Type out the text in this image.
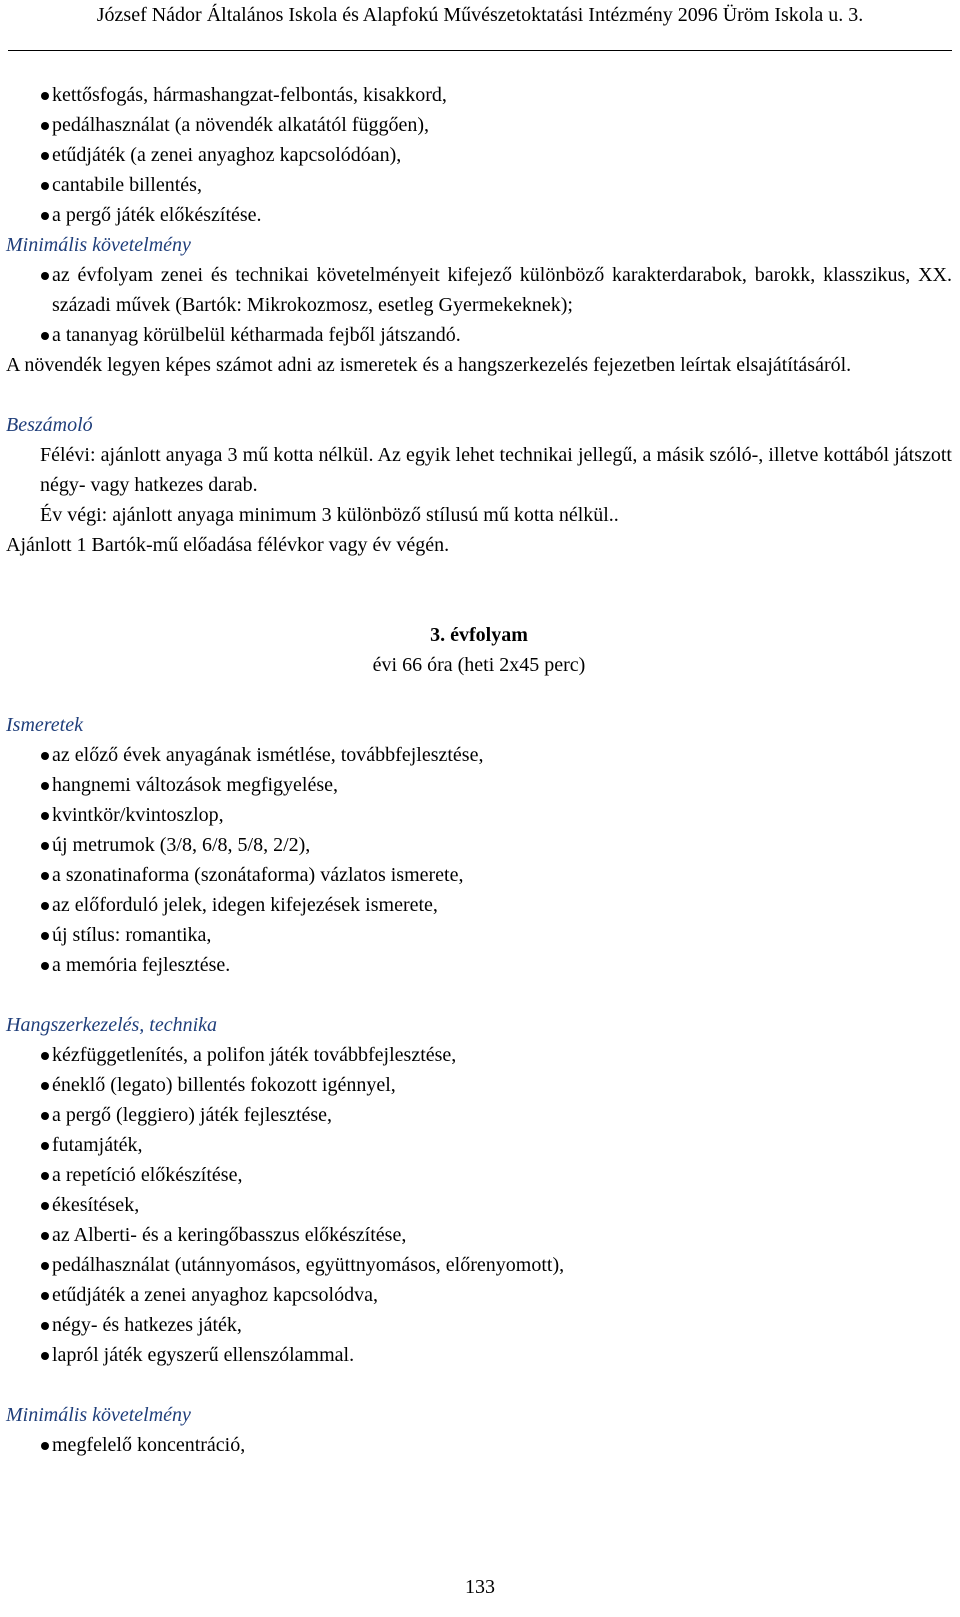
József Nádor Általános Iskola és Alapfokú Művészetoktatási Intézmény 2096 Üröm Iskola u. 3.
kettősfogás, hármashangzat-felbontás, kisakkord,
pedálhasználat (a növendék alkatától függően),
etűdjáték (a zenei anyaghoz kapcsolódóan),
cantabile billentés,
a pergő játék előkészítése.
Minimális követelmény
az évfolyam zenei és technikai követelményeit kifejező különböző karakterdarabok, barokk, klasszikus, XX. századi művek (Bartók: Mikrokozmosz, esetleg Gyermekeknek);
a tananyag körülbelül kétharmada fejből játszandó.
A növendék legyen képes számot adni az ismeretek és a hangszerkezelés fejezetben leírtak elsajátításáról.
Beszámoló
Félévi: ajánlott anyaga 3 mű kotta nélkül. Az egyik lehet technikai jellegű, a másik szóló-, illetve kottából játszott négy- vagy hatkezes darab.
Év végi: ajánlott anyaga minimum 3 különböző stílusú mű kotta nélkül..
Ajánlott 1 Bartók-mű előadása félévkor vagy év végén.
3. évfolyam
évi 66 óra (heti 2x45 perc)
Ismeretek
az előző évek anyagának ismétlése, továbbfejlesztése,
hangnemi változások megfigyelése,
kvintkör/kvintoszlop,
új metrumok (3/8, 6/8, 5/8, 2/2),
a szonatinaforma (szonátaforma) vázlatos ismerete,
az előforduló jelek, idegen kifejezések ismerete,
új stílus: romantika,
a memória fejlesztése.
Hangszerkezelés, technika
kézfüggetlenítés, a polifon játék továbbfejlesztése,
éneklő (legato) billentés fokozott igénnyel,
a pergő (leggiero) játék fejlesztése,
futamjáték,
a repetíció előkészítése,
ékesítések,
az Alberti- és a keringőbasszus előkészítése,
pedálhasználat (utánnyomásos, együttnyomásos, előrenyomott),
etűdjáték a zenei anyaghoz kapcsolódva,
négy- és hatkezes játék,
lapról játék egyszerű ellenszólammal.
Minimális követelmény
megfelelő koncentráció,
133
